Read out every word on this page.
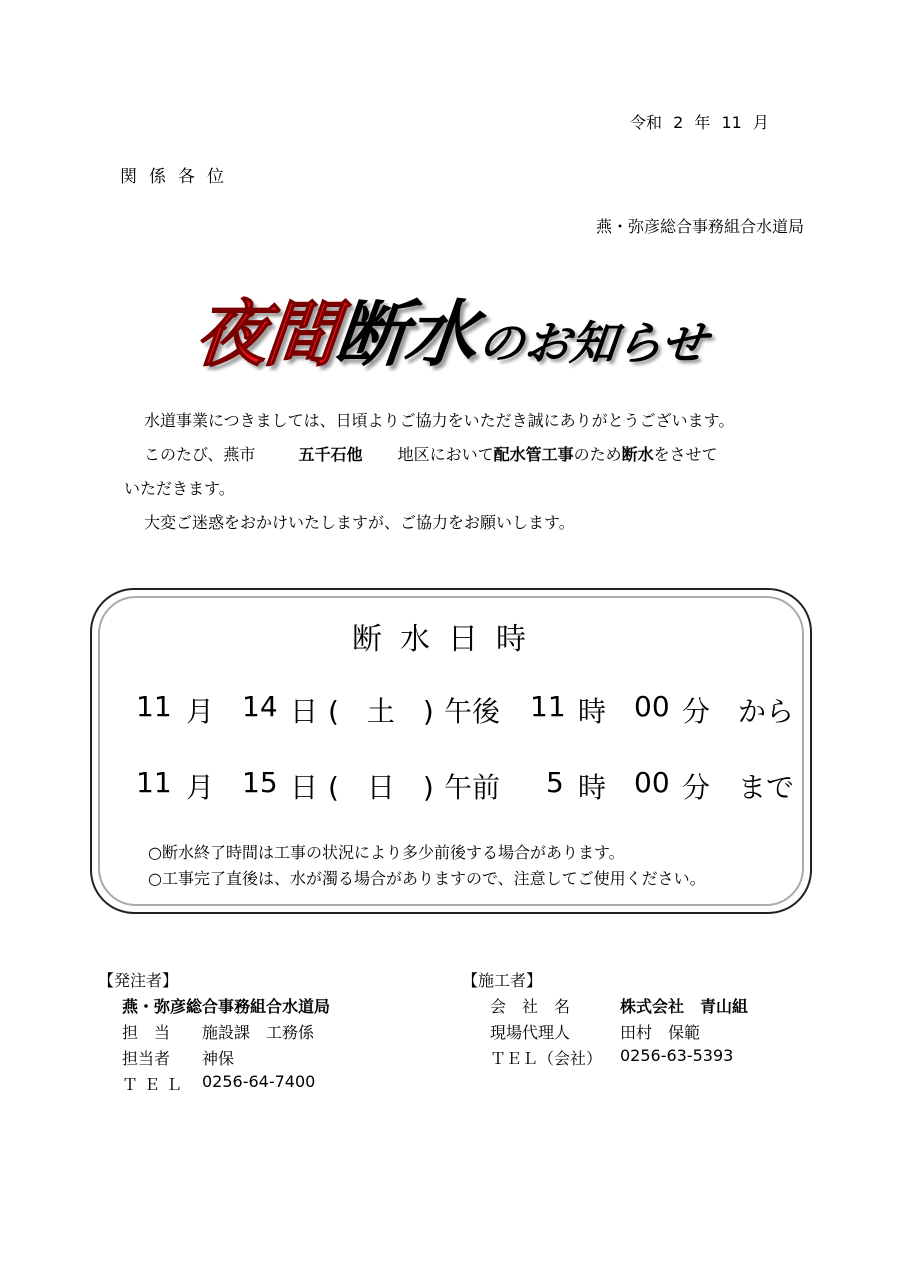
令和 2 年 11 月
関係各位
燕・弥彦総合事務組合水道局
夜間
断水
のお知らせ
水道事業につきましては、日頃よりご協力をいただき誠にありがとうございます。
このたび、燕市	五千石他 地区において配水管工事のため断水をさせて
いただきます。
大変ご迷惑をおかけいたしますが、ご協力をお願いします。
断水日時
11 月 14 日 (　土　) 午後 11 時 00 分 から
11 月 15 日 (　日　) 午前 5 時 00 分 まで
○断水終了時間は工事の状況により多少前後する場合があります。
○工事完了直後は、水が濁る場合がありますので、注意してご使用ください。
【発注者】
燕・弥彦総合事務組合水道局
担　当 施設課　工務係
担当者 神保
ＴＥＬ 0256-64-7400
【施工者】
会　社　名	株式会社　青山組
現場代理人	田村　保範
ＴＥＬ（会社） 0256-63-5393
